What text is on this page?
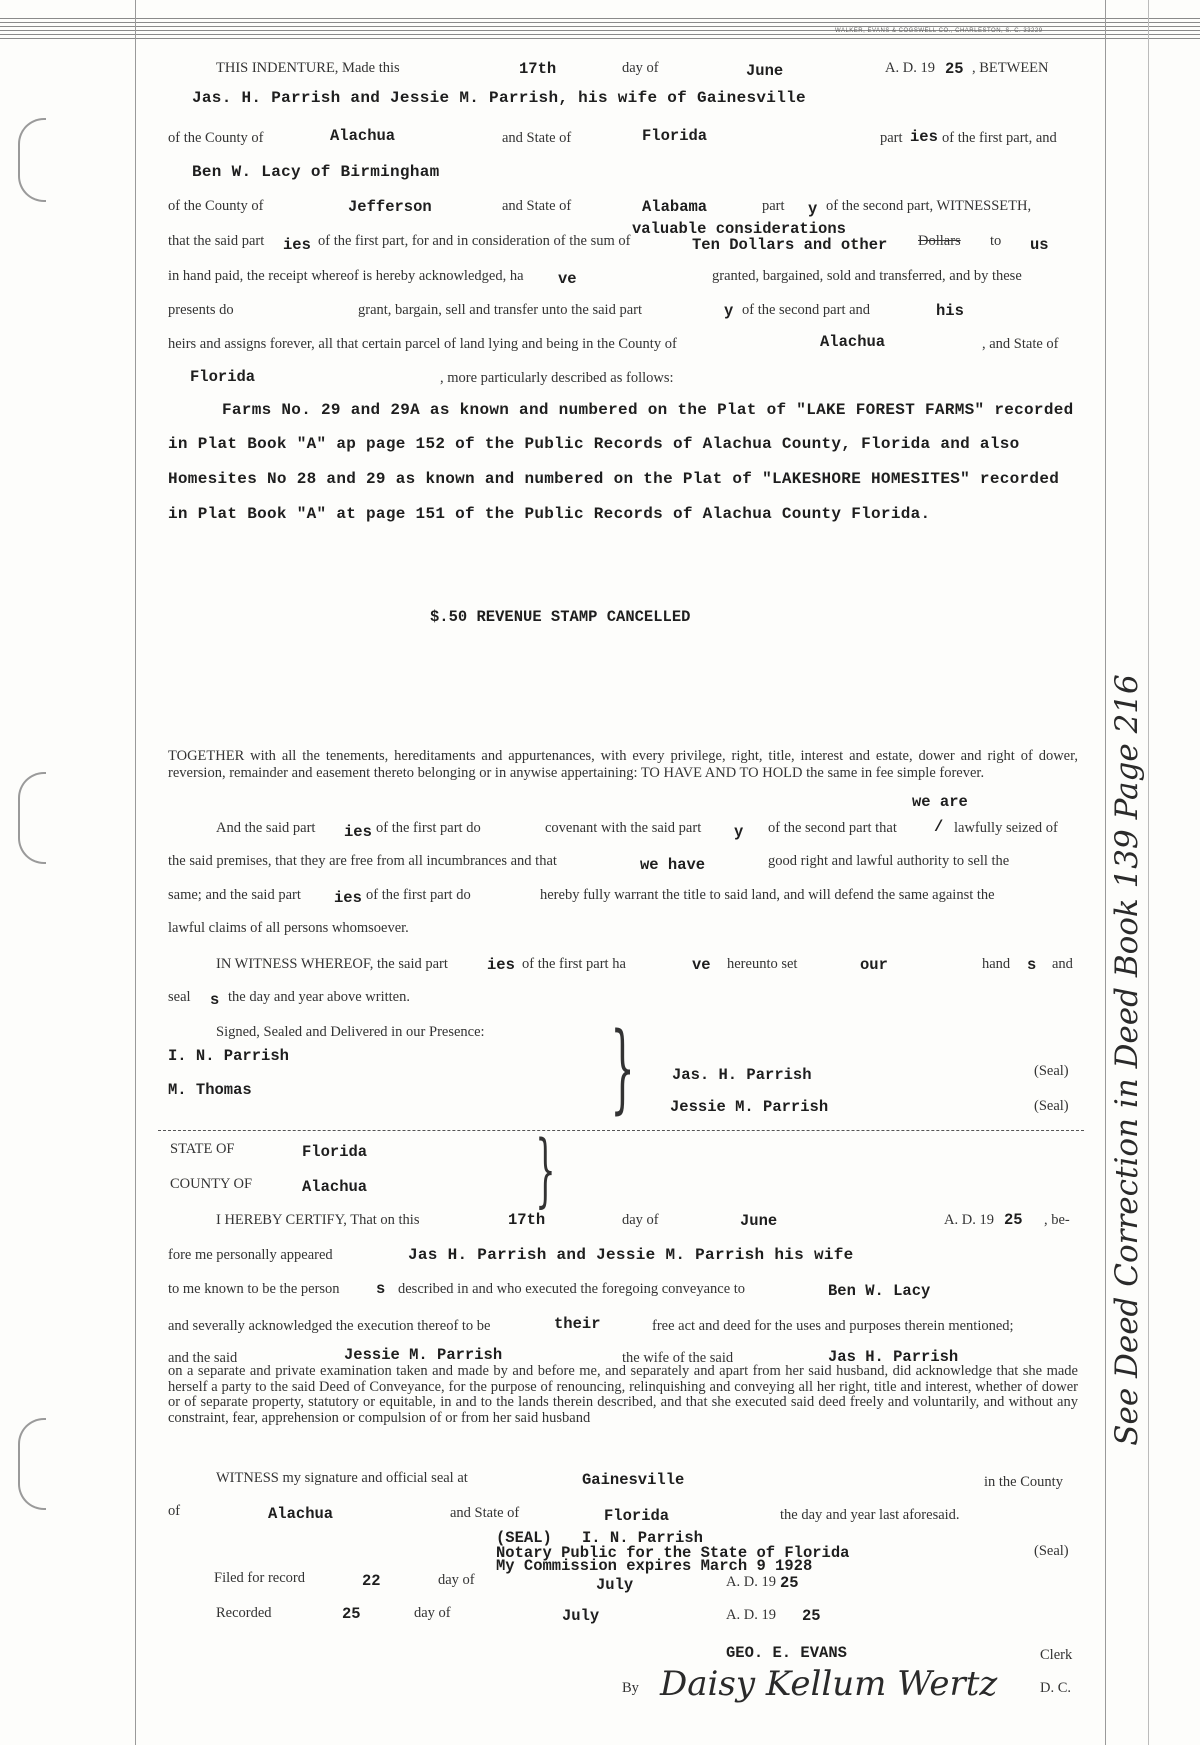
WALKER, EVANS & COGSWELL CO., CHARLESTON, S. C. 33229
THIS INDENTURE, Made this	17th	day of	June	A. D. 19 25 , BETWEEN
Jas. H. Parrish and Jessie M. Parrish, his wife of Gainesville
of the County of	Alachua	and State of	Florida	part ies of the first part, and
Ben W. Lacy of Birmingham
of the County of	Jefferson	and State of	Alabama	part y of the second part, WITNESSETH,
valuable considerations
that the said part ies of the first part, for and in consideration of the sum of	Ten Dollars and other Dollars to us
in hand paid, the receipt whereof is hereby acknowledged, ha ve	granted, bargained, sold and transferred, and by these
presents do	grant, bargain, sell and transfer unto the said part	y of the second part and	his
heirs and assigns forever, all that certain parcel of land lying and being in the County of	Alachua	, and State of
Florida	, more particularly described as follows:
Farms No. 29 and 29A as known and numbered on the Plat of "LAKE FOREST FARMS" recorded
in Plat Book "A" ap page 152 of the Public Records of Alachua County, Florida and also
Homesites No 28 and 29 as known and numbered on the Plat of "LAKESHORE HOMESITES" recorded
in Plat Book "A" at page 151 of the Public Records of Alachua County Florida.
$.50 REVENUE STAMP CANCELLED
TOGETHER with all the tenements, hereditaments and appurtenances, with every privilege, right, title, interest and estate, dower and right of dower, reversion, remainder and easement thereto belonging or in anywise appertaining: TO HAVE AND TO HOLD the same in fee simple forever.
we are
And the said part ies of the first part do	covenant with the said part y of the second part that / lawfully seized of
the said premises, that they are free from all incumbrances and that	we have	good right and lawful authority to sell the
same; and the said part ies of the first part do	hereby fully warrant the title to said land, and will defend the same against the
lawful claims of all persons whomsoever.
IN WITNESS WHEREOF, the said part	ies of the first part ha	ve hereunto set	our	hand s and
seal s the day and year above written.
Signed, Sealed and Delivered in our Presence:
I. N. Parrish
M. Thomas	} Jas. H. Parrish
Jessie M. Parrish
(Seal)
(Seal)
STATE OF	Florida
COUNTY OF	Alachua }
I HEREBY CERTIFY, That on this	17th	day of	June	A. D. 19 25 , be-
fore me personally appeared	Jas H. Parrish and Jessie M. Parrish his wife
to me known to be the person s described in and who executed the foregoing conveyance to	Ben W. Lacy
and severally acknowledged the execution thereof to be	their	free act and deed for the uses and purposes therein mentioned;
and the said	Jessie M. Parrish	the wife of the said	Jas H. Parrish
on a separate and private examination taken and made by and before me, and separately and apart from her said husband, did acknowledge that she made herself a party to the said Deed of Conveyance, for the purpose of renouncing, relinquishing and conveying all her right, title and interest, whether of dower or of separate property, statutory or equitable, in and to the lands therein described, and that she executed said deed freely and voluntarily, and without any constraint, fear, apprehension or compulsion of or from her said husband
WITNESS my signature and official seal at	Gainesville	in the County
of	Alachua	and State of	Florida	the day and year last aforesaid.
(SEAL) I. N. Parrish
Notary Public for the State of Florida
My Commission expires March 9 1928
(Seal)
Filed for record	22	day of	July	A. D. 19 25
Recorded	25	day of	July	A. D. 19 25
GEO. E. EVANS	Clerk
By Daisy Kellum Wertz	D. C.
See Deed Correction in Deed Book 139 Page 216
